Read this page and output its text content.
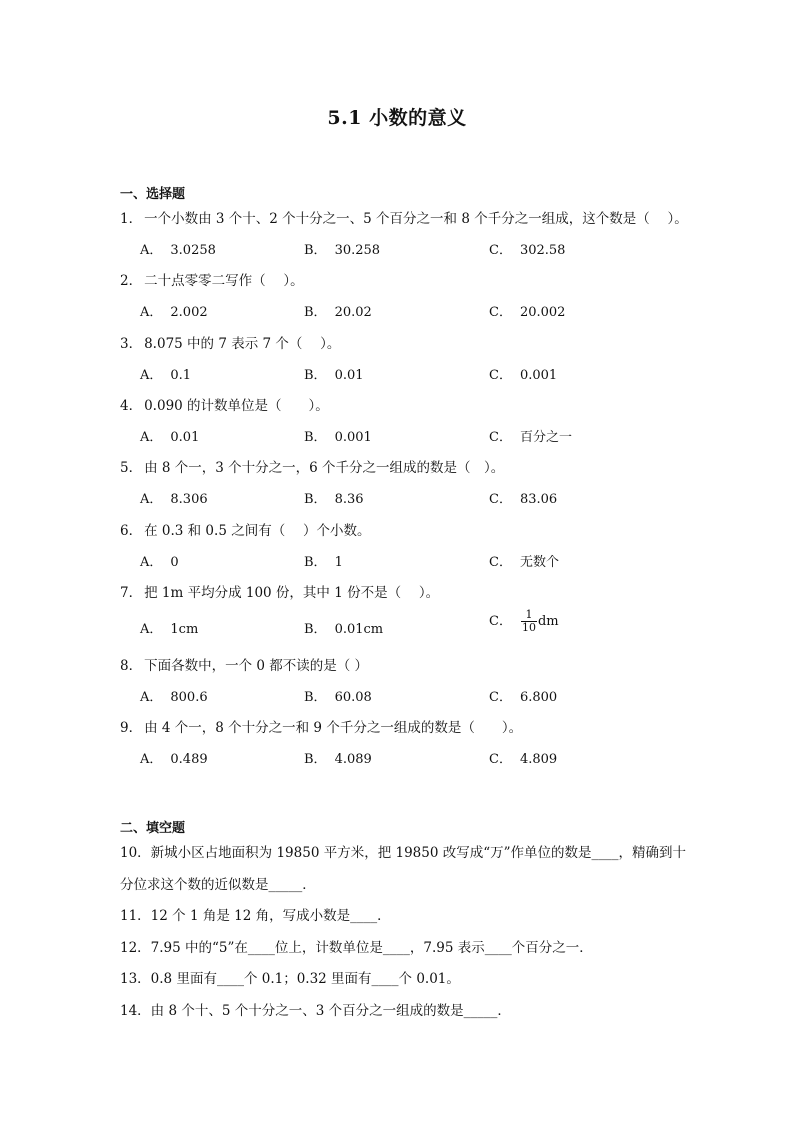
5.1 小数的意义
一、选择题
1． 一个小数由 3 个十、2 个十分之一、5 个百分之一和 8 个千分之一组成，这个数是（　 ）。
A． 3.0258	B． 30.258	C． 302.58
2． 二十点零零二写作（　 ）。
A． 2.002	B． 20.02	C． 20.002
3． 8.075 中的 7 表示 7 个（　 ）。
A． 0.1	B． 0.01	C． 0.001
4． 0.090 的计数单位是（　　）。
A． 0.01	B． 0.001	C． 百分之一
5． 由 8 个一，3 个十分之一，6 个千分之一组成的数是（　）。
A． 8.306	B． 8.36	C． 83.06
6． 在 0.3 和 0.5 之间有（　 ）个小数。
A． 0	B． 1	C． 无数个
7． 把 1m 平均分成 100 份，其中 1 份不是（　 ）。
A． 1cm	B． 0.01cm
C． $\frac{1}{10}$ dm
8． 下面各数中，一个 0 都不读的是（ ）
A． 800.6	B． 60.08	C． 6.800
9． 由 4 个一，8 个十分之一和 9 个千分之一组成的数是（　　）。
A． 0.489	B． 4.089	C． 4.809
二、填空题
10．新城小区占地面积为 19850 平方米，把 19850 改写成“万”作单位的数是____，精确到十
分位求这个数的近似数是_____．
11．12 个 1 角是 12 角，写成小数是____．
12．7.95 中的“5”在____位上，计数单位是____，7.95 表示____个百分之一．
13．0.8 里面有____个 0.1；0.32 里面有____个 0.01。
14．由 8 个十、5 个十分之一、3 个百分之一组成的数是_____．
